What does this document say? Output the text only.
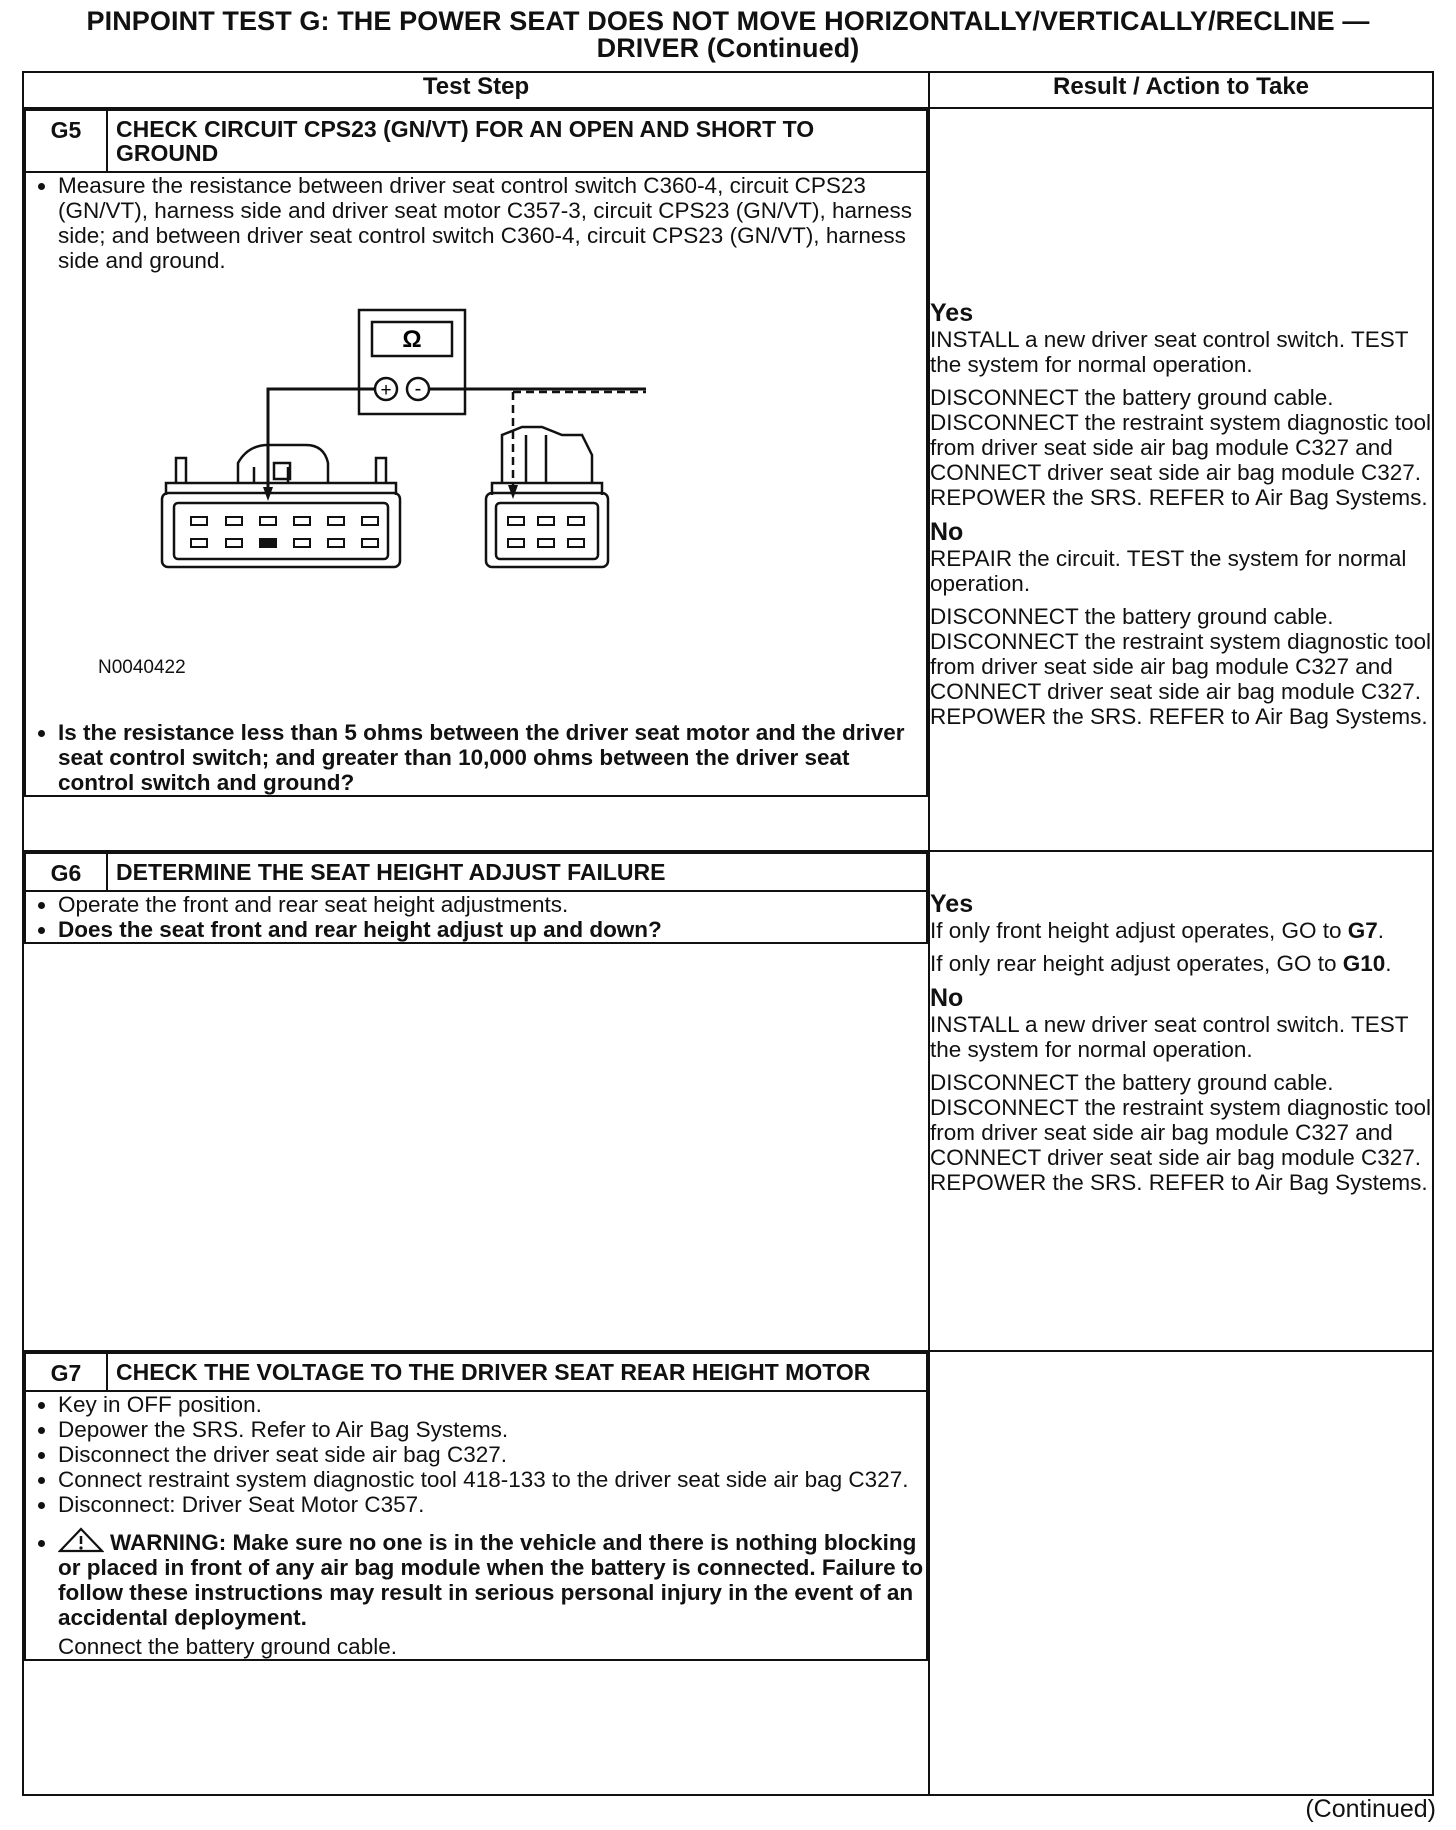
PINPOINT TEST G: THE POWER SEAT DOES NOT MOVE HORIZONTALLY/VERTICALLY/RECLINE —
DRIVER (Continued)
Test Step	Result / Action to Take

G5	CHECK CIRCUIT CPS23 (GN/VT) FOR AN OPEN AND SHORT TO GROUND

• Measure the resistance between driver seat control switch C360-4, circuit CPS23 (GN/VT), harness side and driver seat motor C357-3, circuit CPS23 (GN/VT), harness side; and between driver seat control switch C360-4, circuit CPS23 (GN/VT), harness side and ground.
Ω
+ -
N0040422
• Is the resistance less than 5 ohms between the driver seat motor and the driver seat control switch; and greater than 10,000 ohms between the driver seat control switch and ground?

Yes

INSTALL a new driver seat control switch. TEST the system for normal operation.

DISCONNECT the battery ground cable. DISCONNECT the restraint system diagnostic tool from driver seat side air bag module C327 and CONNECT driver seat side air bag module C327. REPOWER the SRS. REFER to Air Bag Systems.

No

REPAIR the circuit. TEST the system for normal operation.

DISCONNECT the battery ground cable. DISCONNECT the restraint system diagnostic tool from driver seat side air bag module C327 and CONNECT driver seat side air bag module C327. REPOWER the SRS. REFER to Air Bag Systems.

G6	DETERMINE THE SEAT HEIGHT ADJUST FAILURE

• Operate the front and rear seat height adjustments.
• Does the seat front and rear height adjust up and down?

Yes

If only front height adjust operates, GO to G7.

If only rear height adjust operates, GO to G10.

No

INSTALL a new driver seat control switch. TEST the system for normal operation.

DISCONNECT the battery ground cable. DISCONNECT the restraint system diagnostic tool from driver seat side air bag module C327 and CONNECT driver seat side air bag module C327. REPOWER the SRS. REFER to Air Bag Systems.

G7	CHECK THE VOLTAGE TO THE DRIVER SEAT REAR HEIGHT MOTOR

• Key in OFF position.
• Depower the SRS. Refer to Air Bag Systems.
• Disconnect the driver seat side air bag C327.
• Connect restraint system diagnostic tool 418-133 to the driver seat side air bag C327.
• Disconnect: Driver Seat Motor C357.
• WARNING: Make sure no one is in the vehicle and there is nothing blocking or placed in front of any air bag module when the battery is connected. Failure to follow these instructions may result in serious personal injury in the event of an accidental deployment.
Connect the battery ground cable.

(Continued)
